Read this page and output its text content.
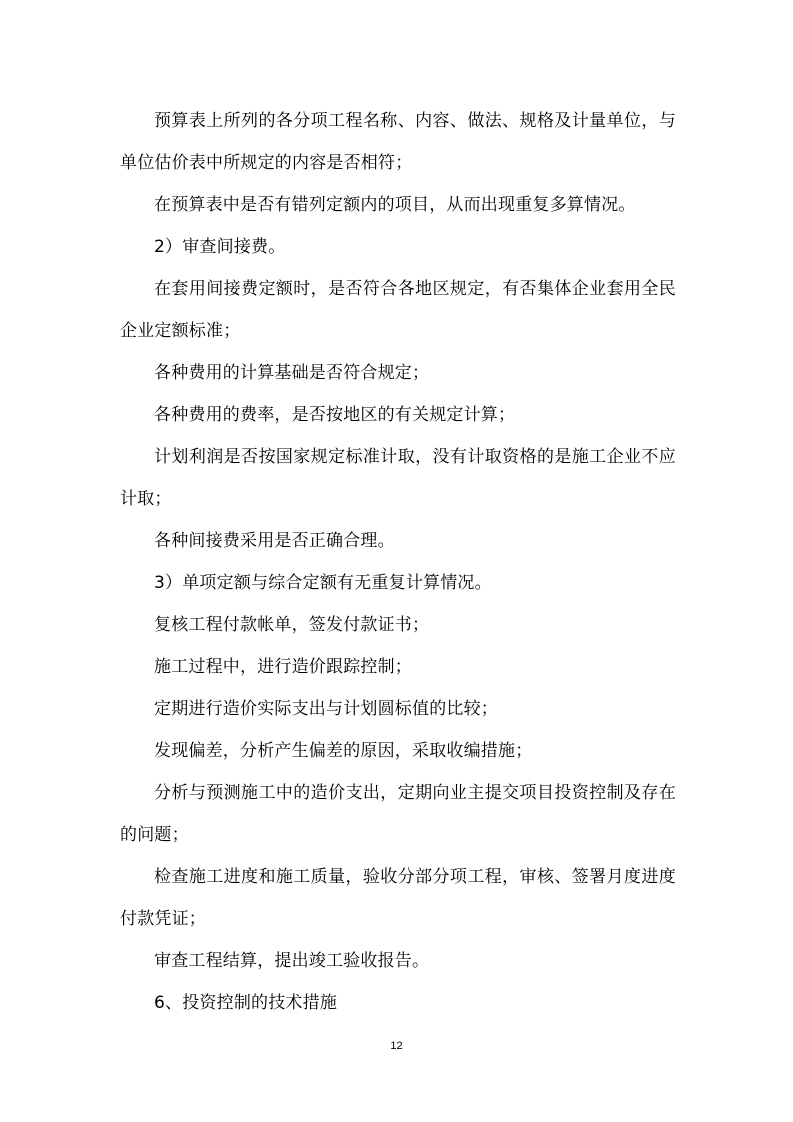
预算表上所列的各分项工程名称、内容、做法、规格及计量单位，与单位估价表中所规定的内容是否相符；

在预算表中是否有错列定额内的项目，从而出现重复多算情况。

2）审查间接费。

在套用间接费定额时，是否符合各地区规定，有否集体企业套用全民企业定额标准；

各种费用的计算基础是否符合规定；

各种费用的费率，是否按地区的有关规定计算；

计划利润是否按国家规定标准计取，没有计取资格的是施工企业不应计取；

各种间接费采用是否正确合理。

3）单项定额与综合定额有无重复计算情况。

复核工程付款帐单，签发付款证书；

施工过程中，进行造价跟踪控制；

定期进行造价实际支出与计划圆标值的比较；

发现偏差，分析产生偏差的原因，采取收编措施；

分析与预测施工中的造价支出，定期向业主提交项目投资控制及存在的问题；

检查施工进度和施工质量，验收分部分项工程，审核、签署月度进度付款凭证；

审查工程结算，提出竣工验收报告。

6、投资控制的技术措施

12
